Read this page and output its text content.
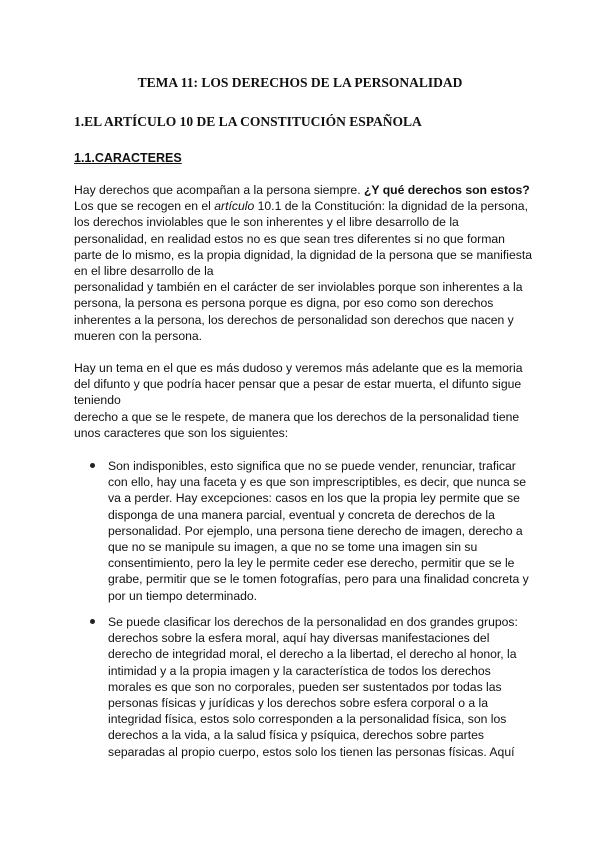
TEMA 11: LOS DERECHOS DE LA PERSONALIDAD
1.EL ARTÍCULO 10 DE LA CONSTITUCIÓN ESPAÑOLA
1.1.CARACTERES

Hay derechos que acompañan a la persona siempre. ¿Y qué derechos son estos?
Los que se recogen en el artículo 10.1 de la Constitución: la dignidad de la persona,
los derechos inviolables que le son inherentes y el libre desarrollo de la
personalidad, en realidad estos no es que sean tres diferentes si no que forman
parte de lo mismo, es la propia dignidad, la dignidad de la persona que se manifiesta
en el libre desarrollo de la
personalidad y también en el carácter de ser inviolables porque son inherentes a la
persona, la persona es persona porque es digna, por eso como son derechos
inherentes a la persona, los derechos de personalidad son derechos que nacen y
mueren con la persona.

Hay un tema en el que es más dudoso y veremos más adelante que es la memoria
del difunto y que podría hacer pensar que a pesar de estar muerta, el difunto sigue
teniendo
derecho a que se le respete, de manera que los derechos de la personalidad tiene
unos caracteres que son los siguientes:

Son indisponibles, esto significa que no se puede vender, renunciar, traficar
con ello, hay una faceta y es que son imprescriptibles, es decir, que nunca se
va a perder. Hay excepciones: casos en los que la propia ley permite que se
disponga de una manera parcial, eventual y concreta de derechos de la
personalidad. Por ejemplo, una persona tiene derecho de imagen, derecho a
que no se manipule su imagen, a que no se tome una imagen sin su
consentimiento, pero la ley le permite ceder ese derecho, permitir que se le
grabe, permitir que se le tomen fotografías, pero para una finalidad concreta y
por un tiempo determinado.
Se puede clasificar los derechos de la personalidad en dos grandes grupos:
derechos sobre la esfera moral, aquí hay diversas manifestaciones del
derecho de integridad moral, el derecho a la libertad, el derecho al honor, la
intimidad y a la propia imagen y la característica de todos los derechos
morales es que son no corporales, pueden ser sustentados por todas las
personas físicas y jurídicas y los derechos sobre esfera corporal o a la
integridad física, estos solo corresponden a la personalidad física, son los
derechos a la vida, a la salud física y psíquica, derechos sobre partes
separadas al propio cuerpo, estos solo los tienen las personas físicas. Aquí
